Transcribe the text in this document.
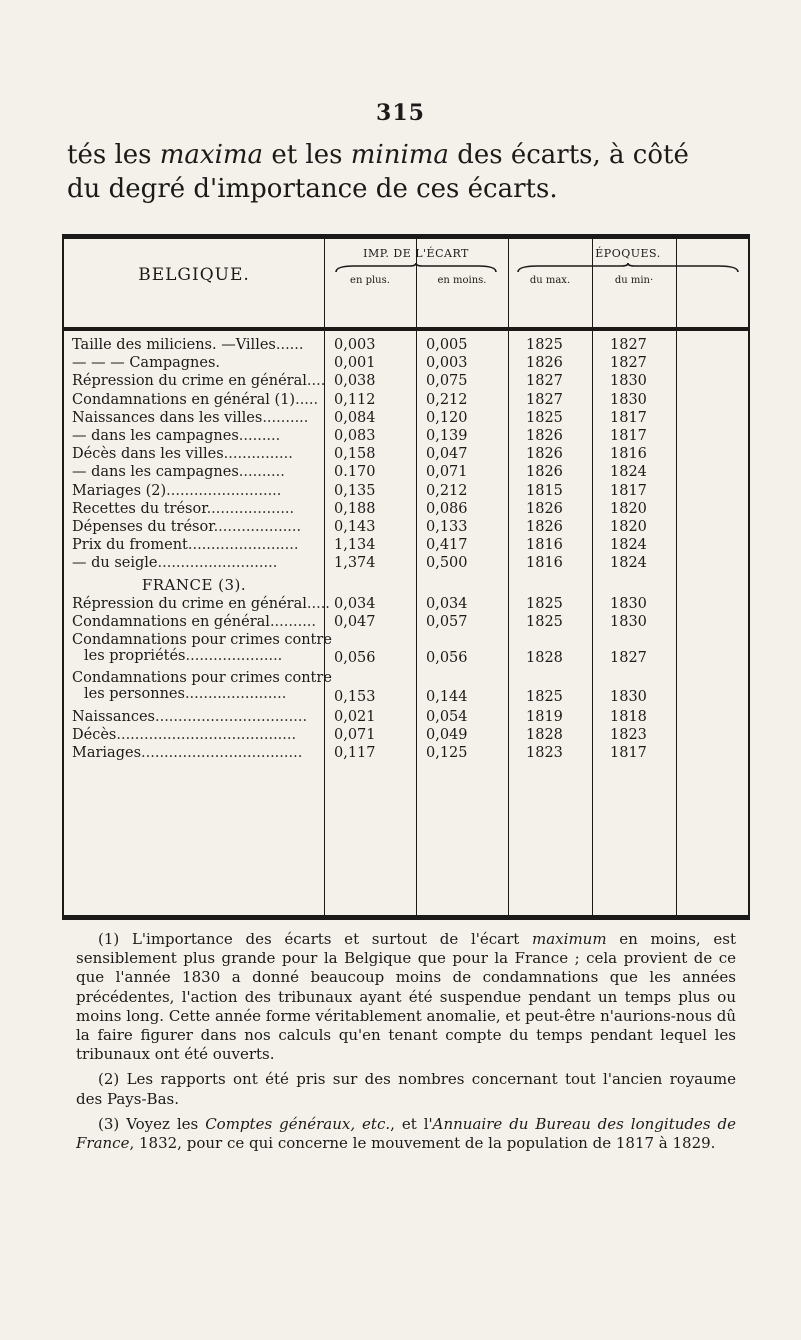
315
tés les maxima et les minima des écarts, à côté
du degré d'importance de ces écarts.
BELGIQUE.
IMP. DE L'ÉCART	ÉPOQUES.
en plus.	en moins.	du max.	du min·
Taille des miliciens. —Villes......	0,003	0,005	1825	1827
— — — Campagnes.	0,001	0,003	1826	1827
Répression du crime en général.... 0,038	0,075	1827	1830
Condamnations en général (1)..... 0,112	0,212	1827	1830
Naissances dans les villes..........	0,084	0,120	1825	1817
— dans les campagnes.........	0,083	0,139	1826	1817
Décès dans les villes...............	0,158	0,047	1826	1816
— dans les campagnes..........	0.170	0,071	1826	1824
Mariages (2).........................	0,135	0,212	1815	1817
Recettes du trésor...................	0,188	0,086	1826	1820
Dépenses du trésor...................	0,143	0,133	1826	1820
Prix du froment........................	1,134	0,417	1816	1824
— du seigle..........................	1,374	0,500	1816	1824
FRANCE (3).
Répression du crime en général..... 0,034	0,034	1825	1830
Condamnations en général..........	0,047	0,057	1825	1830
Condamnations pour crimes contre
les propriétés.....................	0,056	0,056	1828	1827
Condamnations pour crimes contre
les personnes......................	0,153	0,144	1825	1830
Naissances.................................	0,021	0,054	1819	1818
Décès.......................................	0,071	0,049	1828	1823
Mariages...................................	0,117	0,125	1823	1817

(1) L'importance des écarts et surtout de l'écart maximum en moins, est sensiblement plus grande pour la Belgique que pour la France ; cela provient de ce que l'année 1830 a donné beaucoup moins de condamnations que les années précédentes, l'action des tribunaux ayant été suspendue pendant un temps plus ou moins long. Cette année forme véritablement anomalie, et peut-être n'aurions-nous dû la faire figurer dans nos calculs qu'en tenant compte du temps pendant lequel les tribunaux ont été ouverts.

(2) Les rapports ont été pris sur des nombres concernant tout l'ancien royaume des Pays-Bas.

(3) Voyez les Comptes généraux, etc., et l'Annuaire du Bureau des longitudes de France, 1832, pour ce qui concerne le mouvement de la population de 1817 à 1829.
